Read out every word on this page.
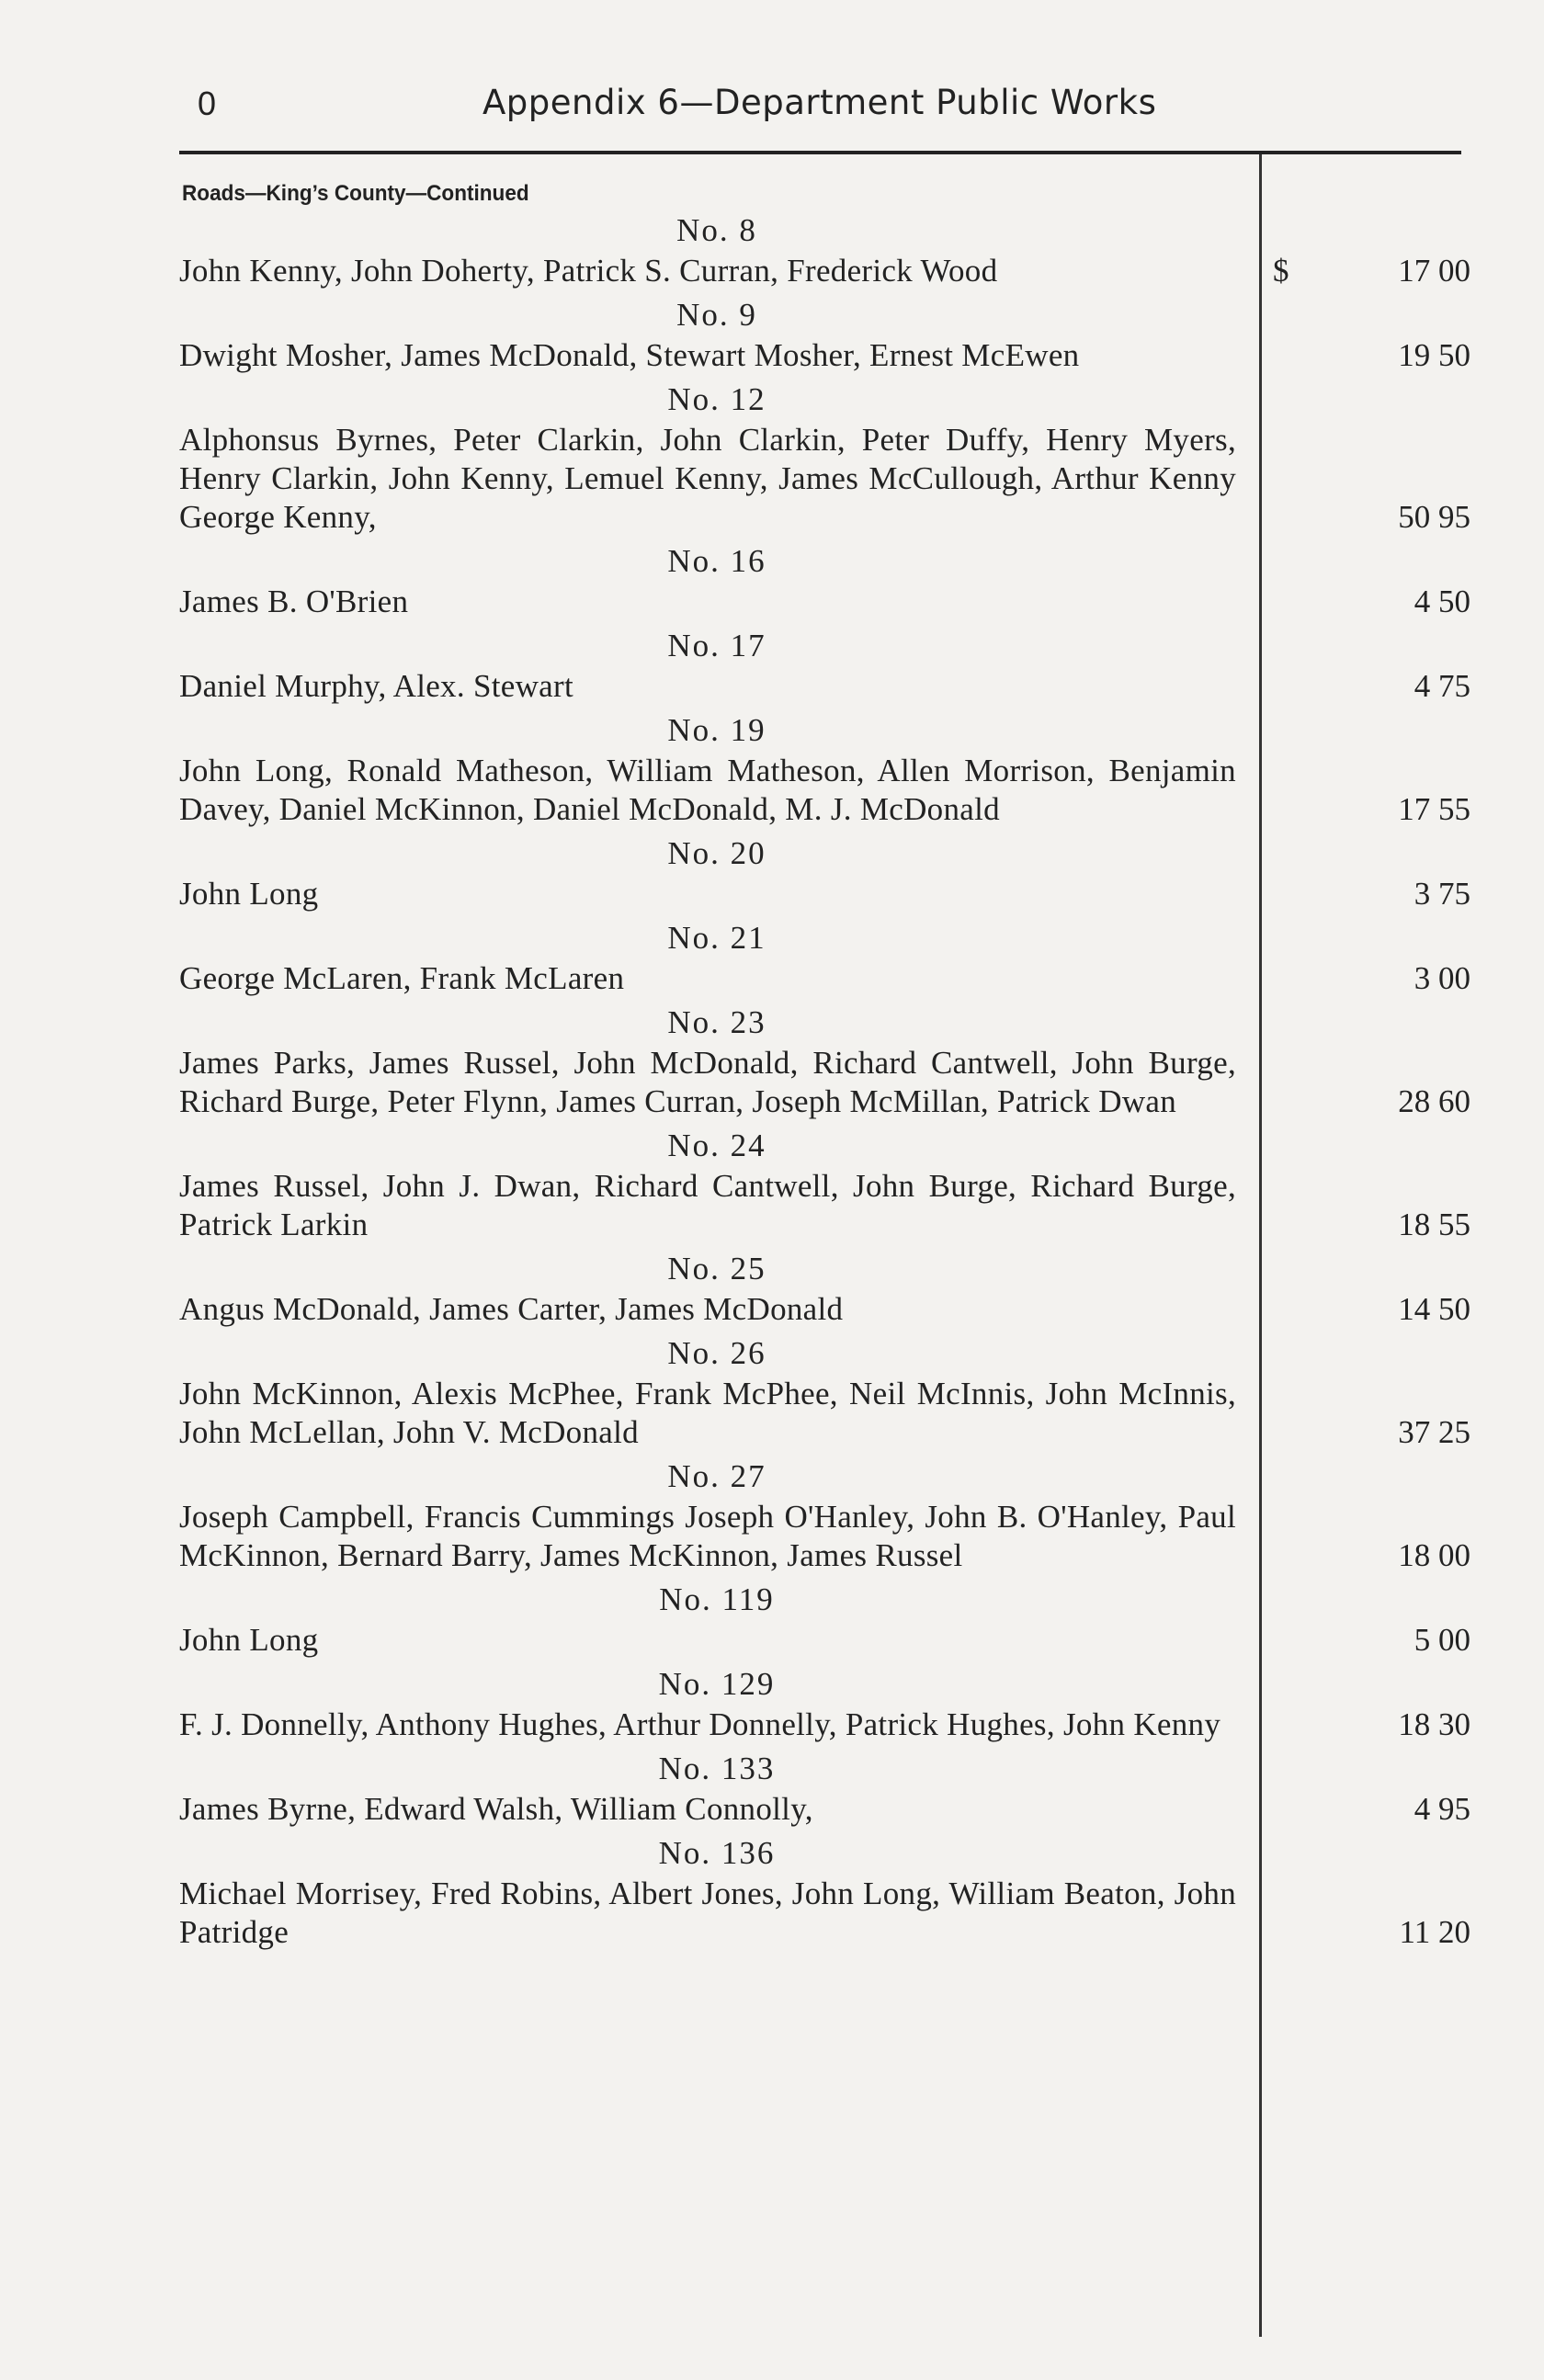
0	Appendix 6—Department Public Works
Roads—King’s County—Continued
No. 8
John Kenny, John Doherty, Patrick S. Curran, Frederick Wood	$	17 00
No. 9
Dwight Mosher, James McDonald, Stewart Mosher, Ernest McEwen	19 50
No. 12
Alphonsus Byrnes, Peter Clarkin, John Clarkin, Peter Duffy, Henry Myers, Henry Clarkin, John Kenny, Lemuel Kenny, James McCullough, Arthur Kenny George Kenny,	50 95
No. 16
James B. O'Brien	4 50
No. 17
Daniel Murphy, Alex. Stewart	4 75
No. 19
John Long, Ronald Matheson, William Matheson, Allen Morrison, Benjamin Davey, Daniel McKinnon, Daniel McDonald, M. J. McDonald	17 55
No. 20
John Long	3 75
No. 21
George McLaren, Frank McLaren	3 00
No. 23
James Parks, James Russel, John McDonald, Richard Cantwell, John Burge, Richard Burge, Peter Flynn, James Curran, Joseph McMillan, Patrick Dwan	28 60
No. 24
James Russel, John J. Dwan, Richard Cantwell, John Burge, Richard Burge, Patrick Larkin	18 55
No. 25
Angus McDonald, James Carter, James McDonald	14 50
No. 26
John McKinnon, Alexis McPhee, Frank McPhee, Neil McInnis, John McInnis, John McLellan, John V. McDonald	37 25
No. 27
Joseph Campbell, Francis Cummings Joseph O'Hanley, John B. O'Hanley, Paul McKinnon, Bernard Barry, James McKinnon, James Russel	18 00
No. 119
John Long	5 00
No. 129
F. J. Donnelly, Anthony Hughes, Arthur Donnelly, Patrick Hughes, John Kenny	18 30
No. 133
James Byrne, Edward Walsh, William Connolly,	4 95
No. 136
Michael Morrisey, Fred Robins, Albert Jones, John Long, William Beaton, John Patridge	11 20
